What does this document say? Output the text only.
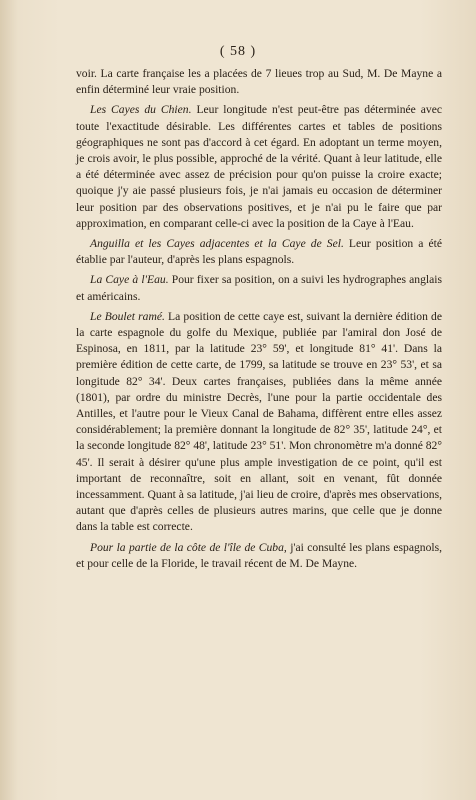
( 58 )

voir. La carte française les a placées de 7 lieues trop au Sud, M. De Mayne a enfin déterminé leur vraie position.

Les Cayes du Chien. Leur longitude n'est peut-être pas déterminée avec toute l'exactitude désirable. Les différentes cartes et tables de positions géographiques ne sont pas d'accord à cet égard. En adoptant un terme moyen, je crois avoir, le plus possible, approché de la vérité. Quant à leur latitude, elle a été déterminée avec assez de précision pour qu'on puisse la croire exacte; quoique j'y aie passé plusieurs fois, je n'ai jamais eu occasion de déterminer leur position par des observations positives, et je n'ai pu le faire que par approximation, en comparant celle-ci avec la position de la Caye à l'Eau.

Anguilla et les Cayes adjacentes et la Caye de Sel. Leur position a été établie par l'auteur, d'après les plans espagnols.

La Caye à l'Eau. Pour fixer sa position, on a suivi les hydrographes anglais et américains.

Le Boulet ramé. La position de cette caye est, suivant la dernière édition de la carte espagnole du golfe du Mexique, publiée par l'amiral don José de Espinosa, en 1811, par la latitude 23° 59', et longitude 81° 41'. Dans la première édition de cette carte, de 1799, sa latitude se trouve en 23° 53', et sa longitude 82° 34'. Deux cartes françaises, publiées dans la même année (1801), par ordre du ministre Decrès, l'une pour la partie occidentale des Antilles, et l'autre pour le Vieux Canal de Bahama, diffèrent entre elles assez considérablement; la première donnant la longitude de 82° 35', latitude 24°, et la seconde longitude 82° 48', latitude 23° 51'. Mon chronomètre m'a donné 82° 45'. Il serait à désirer qu'une plus ample investigation de ce point, qu'il est important de reconnaître, soit en allant, soit en venant, fût donnée incessamment. Quant à sa latitude, j'ai lieu de croire, d'après mes observations, autant que d'après celles de plusieurs autres marins, que celle que je donne dans la table est correcte.

Pour la partie de la côte de l'île de Cuba, j'ai consulté les plans espagnols, et pour celle de la Floride, le travail récent de M. De Mayne.
